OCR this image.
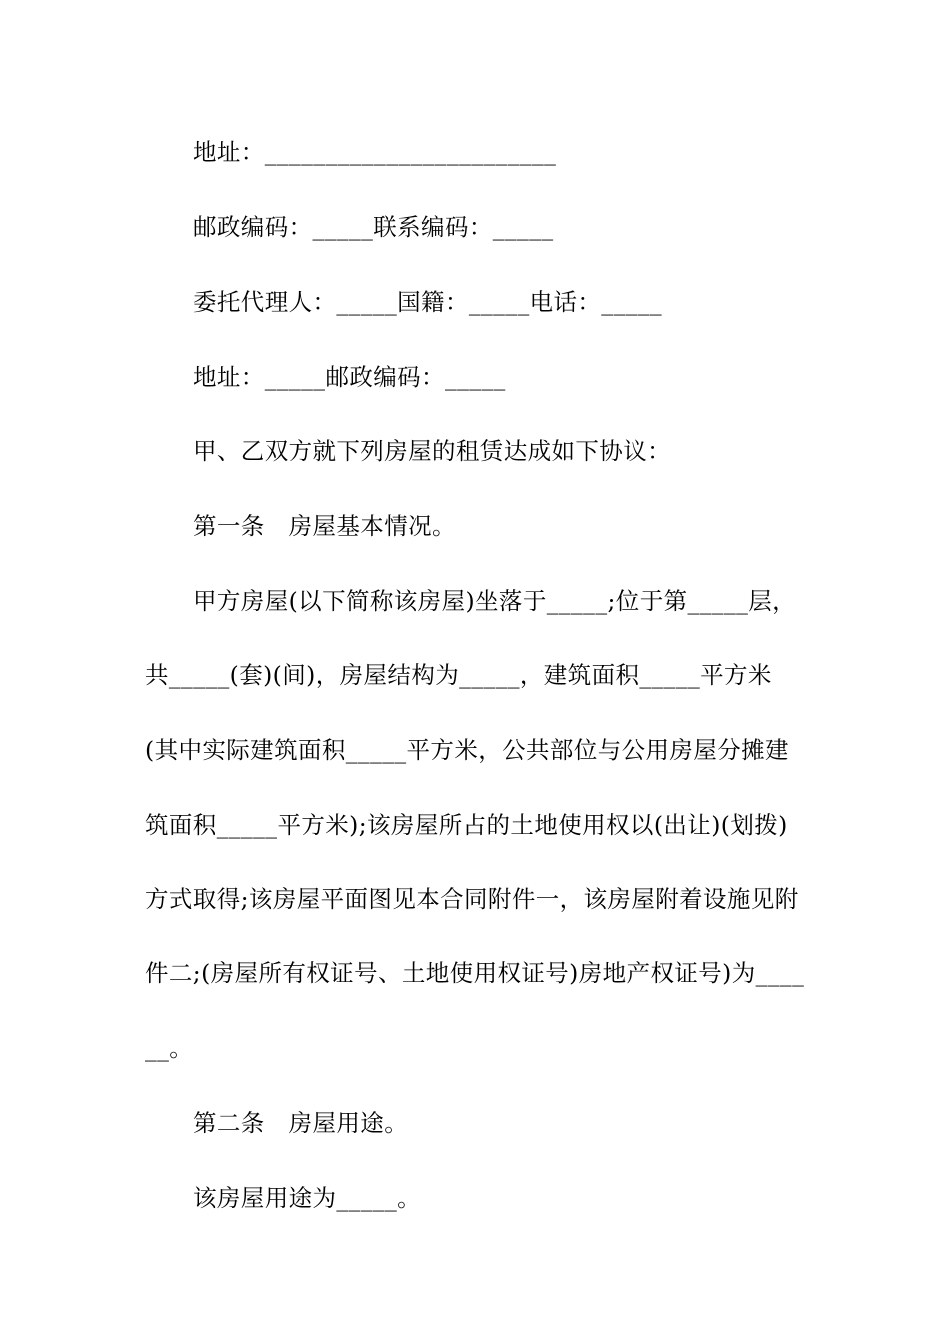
地址：________________________
邮政编码：_____联系编码：_____
委托代理人：_____国籍：_____电话：_____
地址：_____邮政编码：_____
甲、乙双方就下列房屋的租赁达成如下协议：
第一条　房屋基本情况。
甲方房屋(以下简称该房屋)坐落于_____;位于第_____层，
共_____(套)(间)，房屋结构为_____，建筑面积_____平方米
(其中实际建筑面积_____平方米，公共部位与公用房屋分摊建
筑面积_____平方米);该房屋所占的土地使用权以(出让)(划拨)
方式取得;该房屋平面图见本合同附件一，该房屋附着设施见附
件二;(房屋所有权证号、土地使用权证号)房地产权证号)为____
__。
第二条　房屋用途。
该房屋用途为_____。
